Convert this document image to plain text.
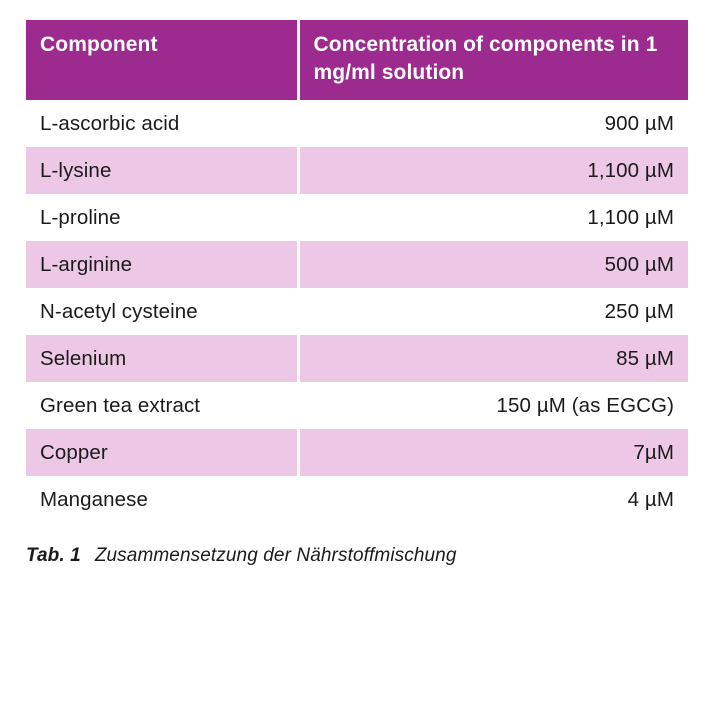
Component	Concentration of components in 1 mg/ml solution
L-ascorbic acid	900 µM
L-lysine	1,100 µM
L-proline	1,100 µM
L-arginine	500 µM
N-acetyl cysteine	250 µM
Selenium	85 µM
Green tea extract	150 µM (as EGCG)
Copper	7µM
Manganese	4 µM
Tab. 1 Zusammensetzung der Nährstoffmischung
